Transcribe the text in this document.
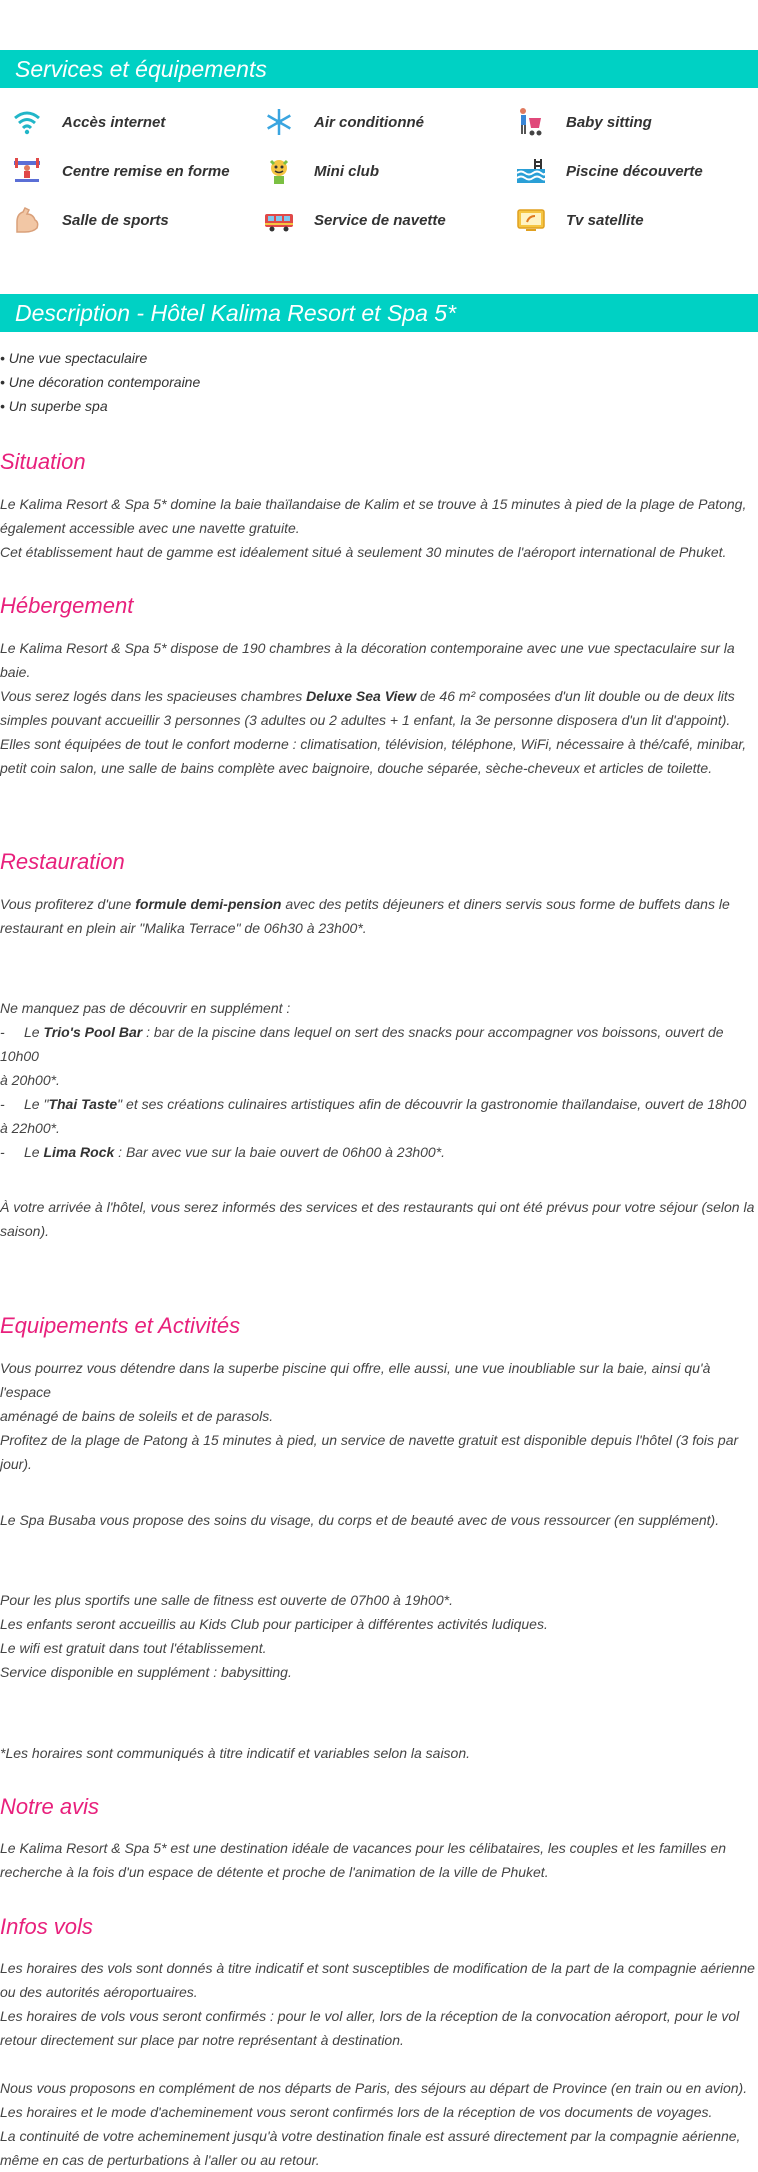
Services et équipements
Accès internet	Air conditionné	Baby sitting
Centre remise en forme	Mini club	Piscine découverte
Salle de sports	Service de navette	Tv satellite
Description - Hôtel Kalima Resort et Spa 5*
• Une vue spectaculaire
• Une décoration contemporaine
• Un superbe spa
Situation
Le Kalima Resort & Spa 5* domine la baie thaïlandaise de Kalim et se trouve à 15 minutes à pied de la plage de Patong,
également accessible avec une navette gratuite.
Cet établissement haut de gamme est idéalement situé à seulement 30 minutes de l'aéroport international de Phuket.
Hébergement
Le Kalima Resort & Spa 5* dispose de 190 chambres à la décoration contemporaine avec une vue spectaculaire sur la
baie.
Vous serez logés dans les spacieuses chambres Deluxe Sea View de 46 m² composées d'un lit double ou de deux lits
simples pouvant accueillir 3 personnes (3 adultes ou 2 adultes + 1 enfant, la 3e personne disposera d'un lit d'appoint).
Elles sont équipées de tout le confort moderne : climatisation, télévision, téléphone, WiFi, nécessaire à thé/café, minibar,
petit coin salon, une salle de bains complète avec baignoire, douche séparée, sèche-cheveux et articles de toilette.
Restauration
Vous profiterez d'une formule demi-pension avec des petits déjeuners et diners servis sous forme de buffets dans le
restaurant en plein air "Malika Terrace" de 06h30 à 23h00*.
Ne manquez pas de découvrir en supplément :
- Le Trio's Pool Bar : bar de la piscine dans lequel on sert des snacks pour accompagner vos boissons, ouvert de 10h00
à 20h00*.
- Le "Thai Taste" et ses créations culinaires artistiques afin de découvrir la gastronomie thaïlandaise, ouvert de 18h00
à 22h00*.
- Le Lima Rock : Bar avec vue sur la baie ouvert de 06h00 à 23h00*.
À votre arrivée à l'hôtel, vous serez informés des services et des restaurants qui ont été prévus pour votre séjour (selon la
saison).
Equipements et Activités
Vous pourrez vous détendre dans la superbe piscine qui offre, elle aussi, une vue inoubliable sur la baie, ainsi qu'à l'espace
aménagé de bains de soleils et de parasols.
Profitez de la plage de Patong à 15 minutes à pied, un service de navette gratuit est disponible depuis l'hôtel (3 fois par
jour).
Le Spa Busaba vous propose des soins du visage, du corps et de beauté avec de vous ressourcer (en supplément).
Pour les plus sportifs une salle de fitness est ouverte de 07h00 à 19h00*.
Les enfants seront accueillis au Kids Club pour participer à différentes activités ludiques.
Le wifi est gratuit dans tout l'établissement.
Service disponible en supplément : babysitting.
*Les horaires sont communiqués à titre indicatif et variables selon la saison.
Notre avis
Le Kalima Resort & Spa 5* est une destination idéale de vacances pour les célibataires, les couples et les familles en
recherche à la fois d'un espace de détente et proche de l'animation de la ville de Phuket.
Infos vols
Les horaires des vols sont donnés à titre indicatif et sont susceptibles de modification de la part de la compagnie aérienne
ou des autorités aéroportuaires.
Les horaires de vols vous seront confirmés : pour le vol aller, lors de la réception de la convocation aéroport, pour le vol
retour directement sur place par notre représentant à destination.
Nous vous proposons en complément de nos départs de Paris, des séjours au départ de Province (en train ou en avion).
Les horaires et le mode d'acheminement vous seront confirmés lors de la réception de vos documents de voyages.
La continuité de votre acheminement jusqu'à votre destination finale est assuré directement par la compagnie aérienne,
même en cas de perturbations à l'aller ou au retour.
